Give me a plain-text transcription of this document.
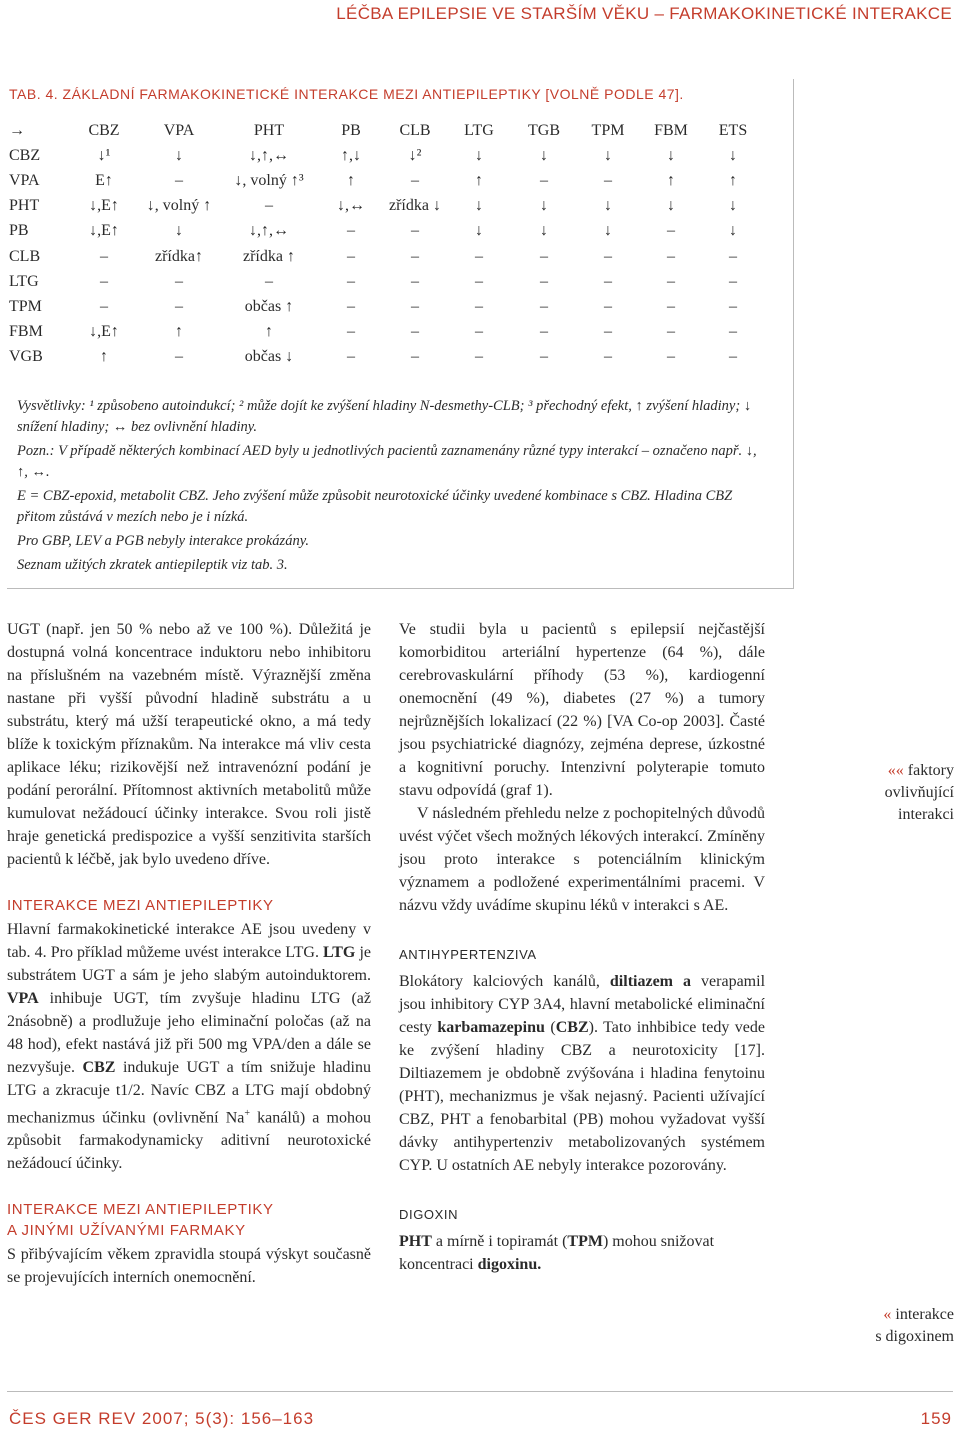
LÉČBA EPILEPSIE VE STARŠÍM VĚKU – FARMAKOKINETICKÉ INTERAKCE
TAB. 4. ZÁKLADNÍ FARMAKOKINETICKÉ INTERAKCE MEZI ANTIEPILEPTIKY [VOLNĚ PODLE 47].
→	CBZ	VPA	PHT	PB	CLB	LTG	TGB	TPM	FBM	ETS
CBZ	↓¹	↓	↓,↑,↔	↑,↓	↓²	↓	↓	↓	↓	↓
VPA	E↑	–	↓, volný ↑³	↑	–	↑	–	–	↑	↑
PHT	↓,E↑	↓, volný ↑	–	↓,↔	zřídka ↓	↓	↓	↓	↓	↓
PB	↓,E↑	↓	↓,↑,↔	–	–	↓	↓	↓	–	↓
CLB	–	zřídka↑	zřídka ↑	–	–	–	–	–	–	–
LTG	–	–	–	–	–	–	–	–	–	–
TPM	–	–	občas ↑	–	–	–	–	–	–	–
FBM	↓,E↑	↑	↑	–	–	–	–	–	–	–
VGB	↑	–	občas ↓	–	–	–	–	–	–	–

Vysvětlivky: ¹ způsobeno autoindukcí; ² může dojít ke zvýšení hladiny N-desmethy-CLB; ³ přechodný efekt, ↑ zvýšení hladiny; ↓ snížení hladiny; ↔ bez ovlivnění hladiny.

Pozn.: V případě některých kombinací AED byly u jednotlivých pacientů zaznamenány různé typy interakcí – označeno např. ↓, ↑, ↔.

E = CBZ-epoxid, metabolit CBZ. Jeho zvýšení může způsobit neurotoxické účinky uvedené kombinace s CBZ. Hladina CBZ přitom zůstává v mezích nebo je i nízká.

Pro GBP, LEV a PGB nebyly interakce prokázány.

Seznam užitých zkratek antiepileptik viz tab. 3.

UGT (např. jen 50 % nebo až ve 100 %). Důležitá je dostupná volná koncentrace induktoru nebo inhibitoru na příslušném na vazebném místě. Výraznější změna nastane při vyšší původní hladině substrátu a u substrátu, který má užší terapeutické okno, a má tedy blíže k toxickým příznakům. Na interakce má vliv cesta aplikace léku; rizikovější než intravenózní podání je podání perorální. Přítomnost aktivních metabolitů může kumulovat nežádoucí účinky interakce. Svou roli jistě hraje genetická predispozice a vyšší senzitivita starších pacientů k léčbě, jak bylo uvedeno dříve.

INTERAKCE MEZI ANTIEPILEPTIKY

Hlavní farmakokinetické interakce AE jsou uvedeny v tab. 4. Pro příklad můžeme uvést interakce LTG. LTG je substrátem UGT a sám je jeho slabým autoinduktorem. VPA inhibuje UGT, tím zvyšuje hladinu LTG (až 2násobně) a prodlužuje jeho eliminační poločas (až na 48 hod), efekt nastává již při 500 mg VPA/den a dále se nezvyšuje. CBZ indukuje UGT a tím snižuje hladinu LTG a zkracuje t1/2. Navíc CBZ a LTG mají obdobný mechanizmus účinku (ovlivnění Na+ kanálů) a mohou způsobit farmakodynamicky aditivní neurotoxické nežádoucí účinky.

INTERAKCE MEZI ANTIEPILEPTIKY
A JINÝMI UŽÍVANÝMI FARMAKY

S přibývajícím věkem zpravidla stoupá výskyt současně se projevujících interních onemocnění.

Ve studii byla u pacientů s epilepsií nejčastější komorbiditou arteriální hypertenze (64 %), dále cerebrovaskulární příhody (53 %), kardiogenní onemocnění (49 %), diabetes (27 %) a tumory nejrůznějších lokalizací (22 %) [VA Co-op 2003]. Časté jsou psychiatrické diagnózy, zejména deprese, úzkostné a kognitivní poruchy. Intenzivní polyterapie tomuto stavu odpovídá (graf 1).

V následném přehledu nelze z pochopitelných důvodů uvést výčet všech možných lékových interakcí. Zmíněny jsou proto interakce s potenciálním klinickým významem a podložené experimentálními pracemi. V názvu vždy uvádíme skupinu léků v interakci s AE.

ANTIHYPERTENZIVA

Blokátory kalciových kanálů, diltiazem a verapamil jsou inhibitory CYP 3A4, hlavní metabolické eliminační cesty karbamazepinu (CBZ). Tato inhbibice tedy vede ke zvýšení hladiny CBZ a neurotoxicity [17]. Diltiazemem je obdobně zvýšována i hladina fenytoinu (PHT), mechanizmus je však nejasný. Pacienti užívající CBZ, PHT a fenobarbital (PB) mohou vyžadovat vyšší dávky antihypertenziv metabolizovaných systémem CYP. U ostatních AE nebyly interakce pozorovány.

DIGOXIN

PHT a mírně i topiramát (TPM) mohou snižovat koncentraci digoxinu.

«« faktory
ovlivňující
interakci
« interakce
s digoxinem
ČES GER REV 2007; 5(3): 156–163	159
